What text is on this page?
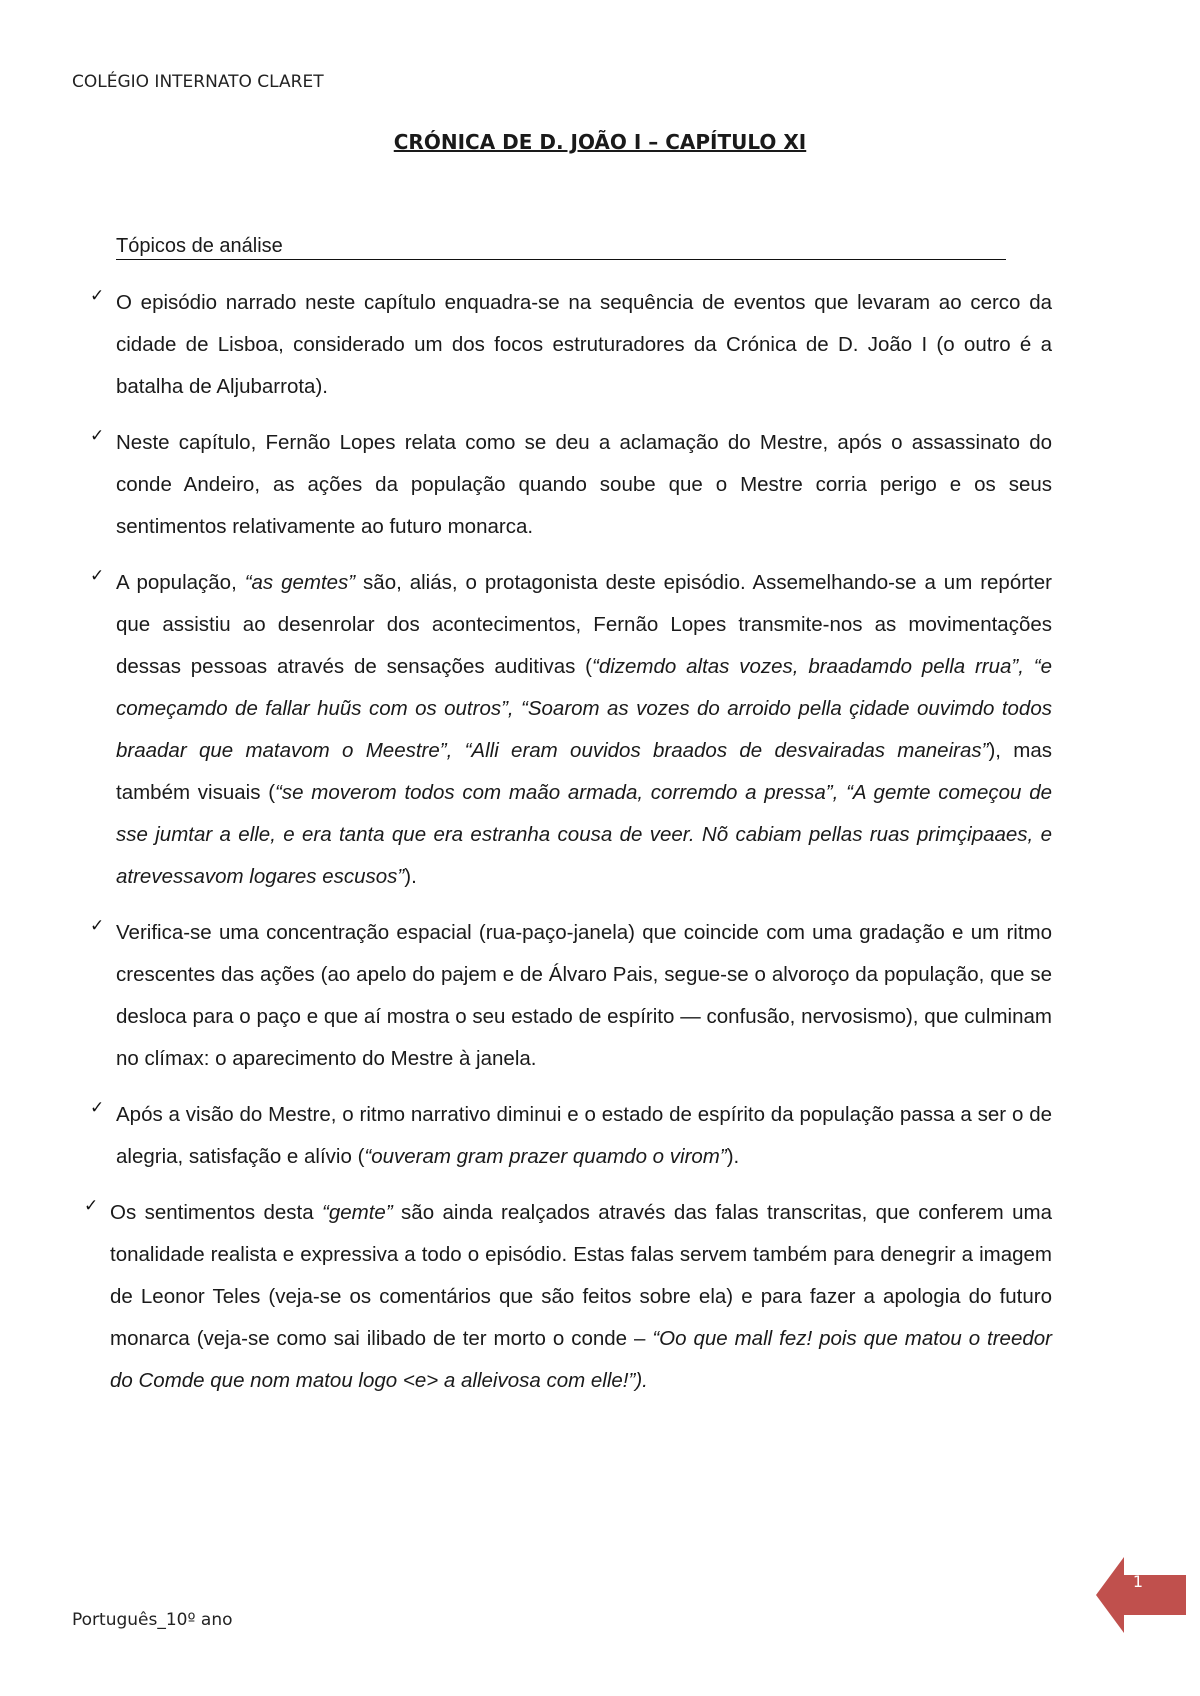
COLÉGIO INTERNATO CLARET
CRÓNICA DE D. JOÃO I – CAPÍTULO XI
Tópicos de análise
✓ O episódio narrado neste capítulo enquadra-se na sequência de eventos que levaram ao cerco da cidade de Lisboa, considerado um dos focos estruturadores da Crónica de D. João I (o outro é a batalha de Aljubarrota).

✓ Neste capítulo, Fernão Lopes relata como se deu a aclamação do Mestre, após o assassinato do conde Andeiro, as ações da população quando soube que o Mestre corria perigo e os seus sentimentos relativamente ao futuro monarca.

✓ A população, “as gemtes” são, aliás, o protagonista deste episódio. Assemelhando-se a um repórter que assistiu ao desenrolar dos acontecimentos, Fernão Lopes transmite-nos as movimentações dessas pessoas através de sensações auditivas (“dizemdo altas vozes, braadamdo pella rrua”, “e começamdo de fallar huũs com os outros”, “Soarom as vozes do arroido pella çidade ouvimdo todos braadar que matavom o Meestre”, “Alli eram ouvidos braados de desvairadas maneiras”), mas também visuais (“se moverom todos com maão armada, corremdo a pressa”, “A gemte começou de sse jumtar a elle, e era tanta que era estranha cousa de veer. Nõ cabiam pellas ruas primçipaaes, e atrevessavom logares escusos”).

✓ Verifica-se uma concentração espacial (rua-paço-janela) que coincide com uma gradação e um ritmo crescentes das ações (ao apelo do pajem e de Álvaro Pais, segue-se o alvoroço da população, que se desloca para o paço e que aí mostra o seu estado de espírito — confusão, nervosismo), que culminam no clímax: o aparecimento do Mestre à janela.

✓ Após a visão do Mestre, o ritmo narrativo diminui e o estado de espírito da população passa a ser o de alegria, satisfação e alívio (“ouveram gram prazer quamdo o virom”).

✓ Os sentimentos desta “gemte” são ainda realçados através das falas transcritas, que conferem uma tonalidade realista e expressiva a todo o episódio. Estas falas servem também para denegrir a imagem de Leonor Teles (veja-se os comentários que são feitos sobre ela) e para fazer a apologia do futuro monarca (veja-se como sai ilibado de ter morto o conde – “Oo que mall fez! pois que matou o treedor do Comde que nom matou logo <e> a alleivosa com elle!”).

Português_10º ano
1
